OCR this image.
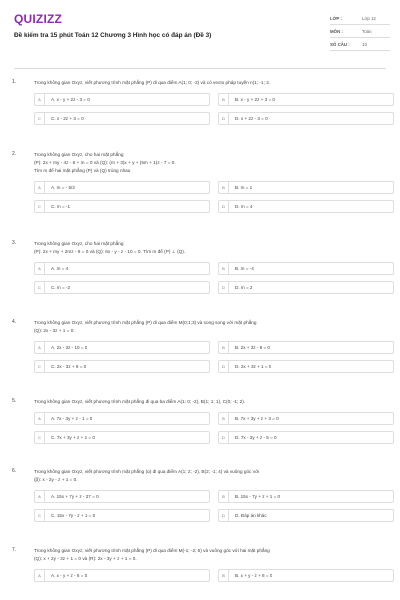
QUIZIZZ
Đề kiểm tra 15 phút Toán 12 Chương 3 Hình học có đáp án (Đề 3)
LỚP :	Lớp 12
MÔN :	Toán
SỐ CÂU :	10
1.	Trong không gian Oxyz, viết phương trình mặt phẳng (P) đi qua điểm A(1; 0; -2) và có vecto pháp tuyến n(1; -1; 2.
A	A. x - y + 2z - 3 = 0	B	B. x - y + 2z + 3 = 0
C	C. x - 2z + 3 = 0	D	D. x + 2z - 3 = 0
2.	Trong không gian Oxyz, cho hai mặt phẳng
(P): 2x + my - 4z - 6 + m = 0 và (Q): (m + 3)x + y + (5m + 1)z - 7 = 0.
Tìm m để hai mặt phẳng (P) và (Q) trùng nhau
A	A. m = - 5/2	B	B. m = 1
C	C. m = -1	D	D. m = 4
3.	Trong không gian Oxyz, cho hai mặt phẳng
(P): 2x + my + 2mz - 9 = 0 và (Q): 6x - y - z - 10 = 0. Tìm m để (P) ⊥ (Q).
A	A. m = 4	B	B. m = -4
C	C. m = -2	D	D. m = 2
4.	Trong không gian Oxyz, viết phương trình mặt phẳng (P) đi qua điểm M(0;1;3) và song song với mặt phẳng
(Q): 2x - 3z + 1 = 0.
A	A. 2x - 3z - 10 = 0	B	B. 2x + 3z - 9 = 0
C	C. 2x - 3z + 9 = 0	D	D. 2x + 3z + 1 = 0
5.	Trong không gian Oxyz, viết phương trình mặt phẳng đi qua ba điểm A(1; 0; -2), B(1; 1; 1), C(0; -1; 2).
A	A. 7x - 3y + z - 1 = 0	B	B. 7x + 3y + z + 3 = 0
C	C. 7x + 3y + z + 1 = 0	D	D. 7x - 3y + z - 5 = 0
6.	Trong không gian Oxyz, viết phương trình mặt phẳng (α) đi qua điểm A(1; 2; -2), B(2; -1; 4) và vuông góc với
(β): x - 2y - z + 1 = 0.
A	A. 15x + 7y + z - 27 = 0	B	B. 15x - 7y + z + 1 = 0
C	C. 15x - 7y - z + 1 = 0	D	D. Đáp án khác
7.	Trong không gian Oxyz, viết phương trình mặt phẳng (P) đi qua điểm M(-1; -2; 5) và vuông góc với hai mặt phẳng
(Q): x + 2y - 3z + 1 = 0 và (R): 2x - 3y + z + 1 = 0.
A	A. x - y + z - 6 = 0	B	B. x + y - z + 8 = 0
